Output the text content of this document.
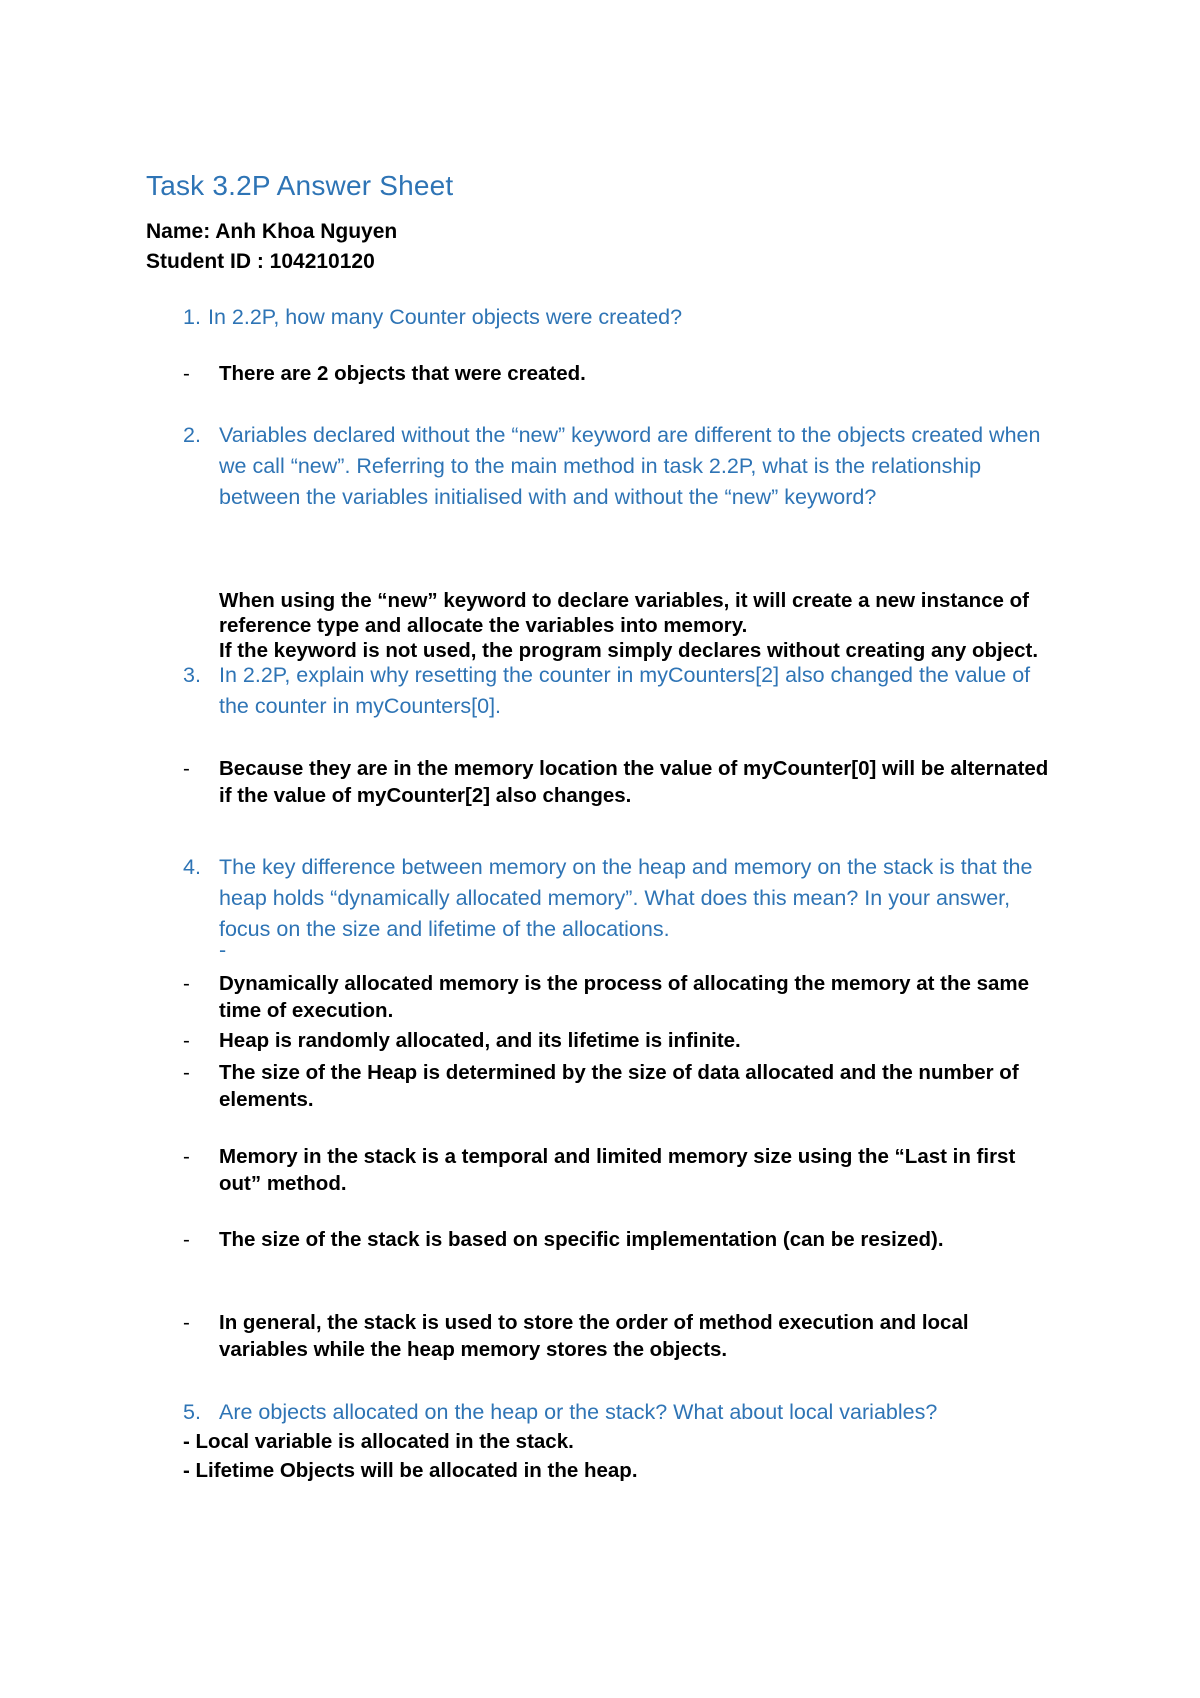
Task 3.2P Answer Sheet
Name: Anh Khoa Nguyen
Student ID : 104210120
1. In 2.2P, how many Counter objects were created?
- There are 2 objects that were created.
2. Variables declared without the “new” keyword are different to the objects created when we call “new”. Referring to the main method in task 2.2P, what is the relationship between the variables initialised with and without the “new” keyword?
When using the “new” keyword to declare variables, it will create a new instance of reference type and allocate the variables into memory.
If the keyword is not used, the program simply declares without creating any object.
3. In 2.2P, explain why resetting the counter in myCounters[2] also changed the value of the counter in myCounters[0].
- Because they are in the memory location the value of myCounter[0] will be alternated if the value of myCounter[2] also changes.
4. The key difference between memory on the heap and memory on the stack is that the heap holds “dynamically allocated memory”. What does this mean? In your answer, focus on the size and lifetime of the allocations.
-
- Dynamically allocated memory is the process of allocating the memory at the same time of execution.
- Heap is randomly allocated, and its lifetime is infinite.
- The size of the Heap is determined by the size of data allocated and the number of elements.
- Memory in the stack is a temporal and limited memory size using the “Last in first out” method.
- The size of the stack is based on specific implementation (can be resized).
- In general, the stack is used to store the order of method execution and local variables while the heap memory stores the objects.
5. Are objects allocated on the heap or the stack? What about local variables?
- Local variable is allocated in the stack.
- Lifetime Objects will be allocated in the heap.
